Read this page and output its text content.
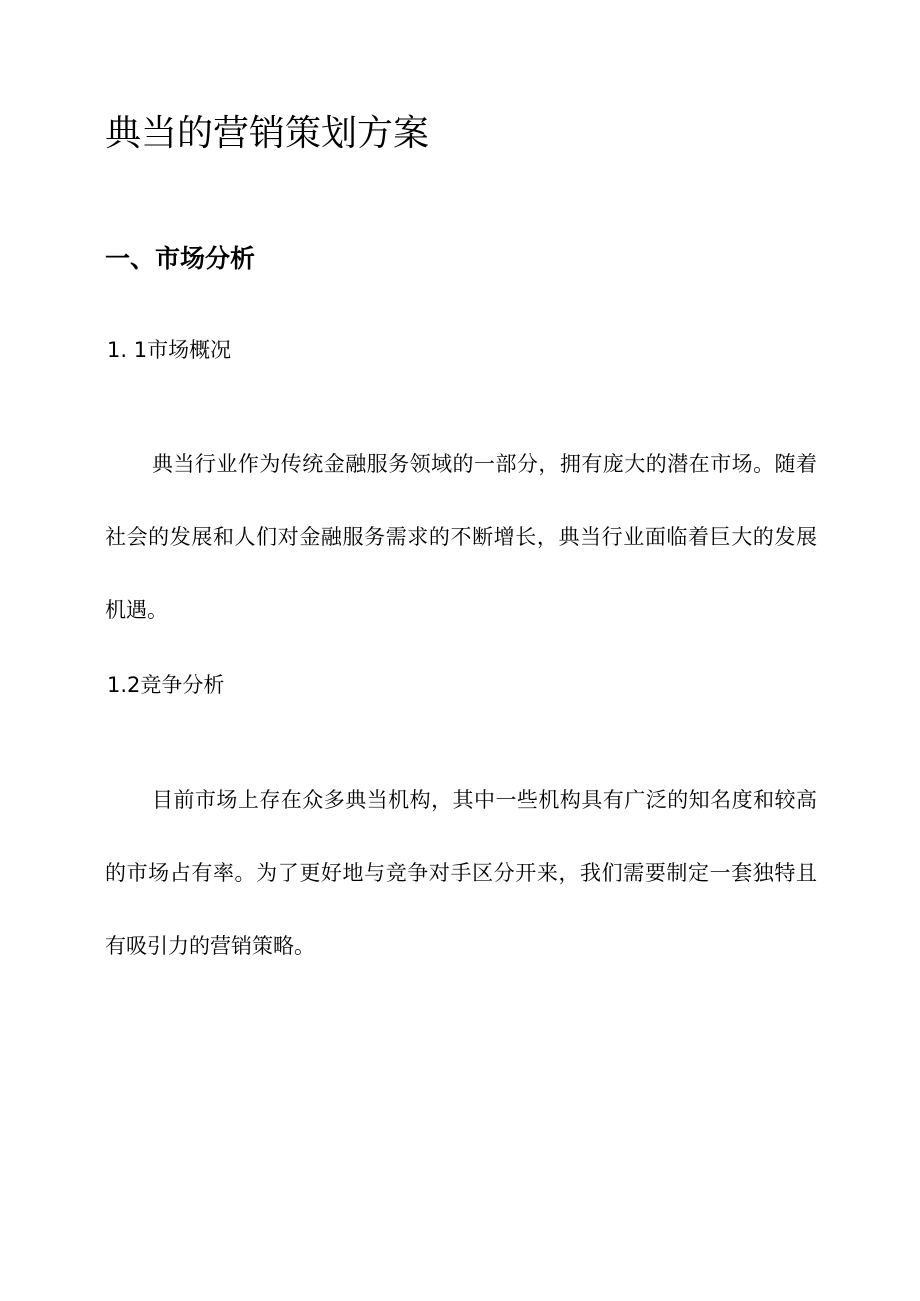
典当的营销策划方案
一、市场分析
1. 1市场概况
典当行业作为传统金融服务领域的一部分，拥有庞大的潜在市场。随着社会的发展和人们对金融服务需求的不断增长，典当行业面临着巨大的发展机遇。
1.2竞争分析
目前市场上存在众多典当机构，其中一些机构具有广泛的知名度和较高的市场占有率。为了更好地与竞争对手区分开来，我们需要制定一套独特且有吸引力的营销策略。
